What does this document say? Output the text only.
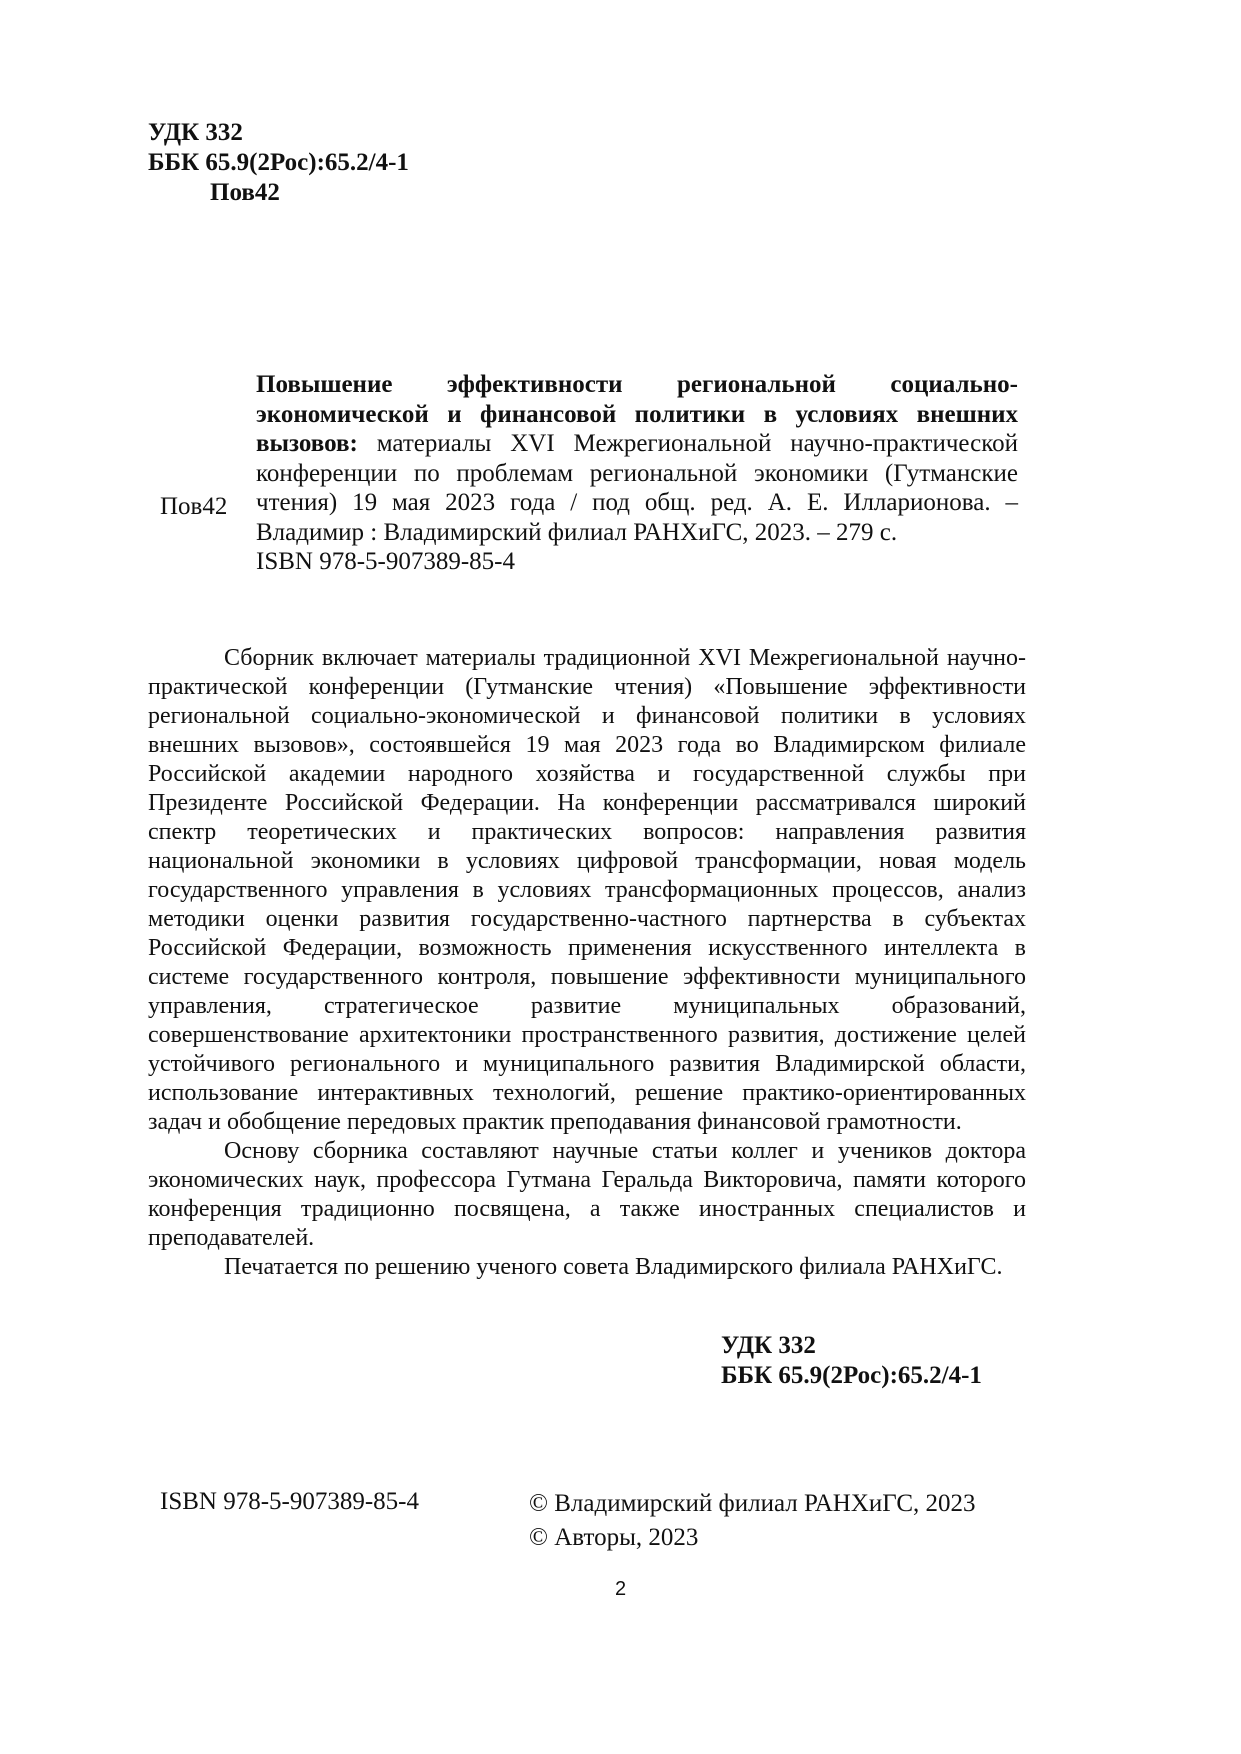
УДК 332
ББК 65.9(2Рос):65.2/4-1
Пов42
Пов42
Повышение эффективности региональной социально-экономической и финансовой политики в условиях внешних вызовов: материалы XVI Межрегиональной научно-практической конференции по проблемам региональной экономики (Гутманские чтения) 19 мая 2023 года / под общ. ред. А. Е. Илларионова. – Владимир : Владимирский филиал РАНХиГС, 2023. – 279 с.
ISBN 978-5-907389-85-4

Сборник включает материалы традиционной XVI Межрегиональной научно-практической конференции (Гутманские чтения) «Повышение эффективности региональной социально-экономической и финансовой политики в условиях внешних вызовов», состоявшейся 19 мая 2023 года во Владимирском филиале Российской академии народного хозяйства и государственной службы при Президенте Российской Федерации. На конференции рассматривался широкий спектр теоретических и практических вопросов: направления развития национальной экономики в условиях цифровой трансформации, новая модель государственного управления в условиях трансформационных процессов, анализ методики оценки развития государственно-частного партнерства в субъектах Российской Федерации, возможность применения искусственного интеллекта в системе государственного контроля, повышение эффективности муниципального управления, стратегическое развитие муниципальных образований, совершенствование архитектоники пространственного развития, достижение целей устойчивого регионального и муниципального развития Владимирской области, использование интерактивных технологий, решение практико-ориентированных задач и обобщение передовых практик преподавания финансовой грамотности.

Основу сборника составляют научные статьи коллег и учеников доктора экономических наук, профессора Гутмана Геральда Викторовича, памяти которого конференция традиционно посвящена, а также иностранных специалистов и преподавателей.

Печатается по решению ученого совета Владимирского филиала РАНХиГС.

УДК 332
ББК 65.9(2Рос):65.2/4-1
ISBN 978-5-907389-85-4	© Владимирский филиал РАНХиГС, 2023
© Авторы, 2023
2
